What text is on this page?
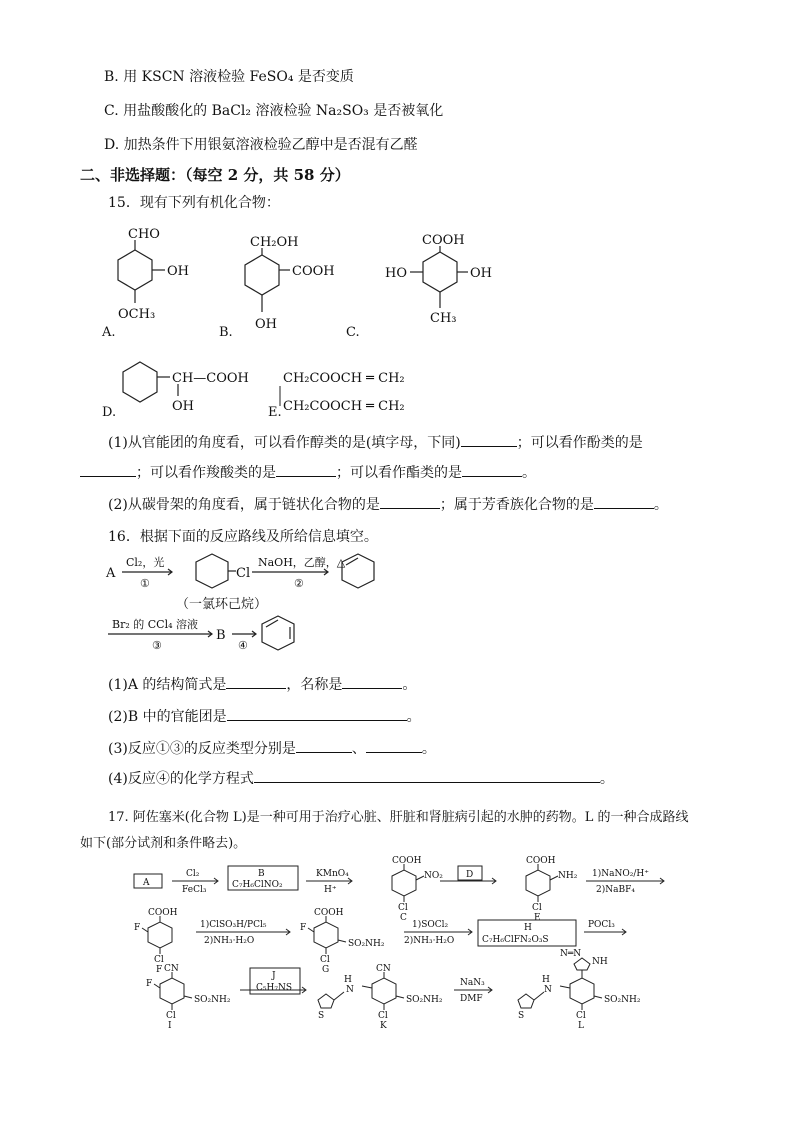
B. 用 KSCN 溶液检验 FeSO₄ 是否变质
C. 用盐酸酸化的 BaCl₂ 溶液检验 Na₂SO₃ 是否被氧化
D. 加热条件下用银氨溶液检验乙醇中是否混有乙醛
二、非选择题：（每空 2 分，共 58 分）
15．现有下列有机化合物：
CHO
OH
OCH₃
CH₂OH
COOH
OH
COOH
HO	OH
CH₃
CH—COOH
OH
CH₂COOCH ═ CH₂
CH₂COOCH ═ CH₂
A.	B.	C.
D.	E.
(1)从官能团的角度看，可以看作醇类的是(填字母，下同)	；可以看作酚类的是
；可以看作羧酸类的是	；可以看作酯类的是	。
(2)从碳骨架的角度看，属于链状化合物的是	；属于芳香族化合物的是	。
16．根据下面的反应路线及所给信息填空。
A
Cl₂，光
①
Cl
（一氯环己烷）
NaOH，乙醇，△
②
Br₂ 的 CCl₄ 溶液
③
B
④
(1)A 的结构简式是	，名称是	。
(2)B 中的官能团是	。
(3)反应①③的反应类型分别是	、	。
(4)反应④的化学方程式	。
17. 阿佐塞米(化合物 L)是一种可用于治疗心脏、肝脏和肾脏病引起的水肿的药物。L 的一种合成路线
如下(部分试剂和条件略去)。
A
Cl₂
FeCl₃
B
C₇H₆ClNO₂
KMnO₄
H⁺
COOH
NO₂
Cl
C
D
COOH
NH₂
Cl
E
1)NaNO₂/H⁺
2)NaBF₄
COOH
F
Cl
F
1)ClSO₃H/PCl₅
2)NH₃·H₂O
COOH
F
SO₂NH₂
Cl
G
1)SOCl₂
2)NH₃·H₂O
H
C₇H₆ClFN₂O₃S
POCl₃
CN
F
SO₂NH₂
Cl
I
J
C₅H₇NS
CN
H
N
S
SO₂NH₂
Cl
K
NaN₃
DMF
N═N
NH
H
N
S
SO₂NH₂
Cl
L
